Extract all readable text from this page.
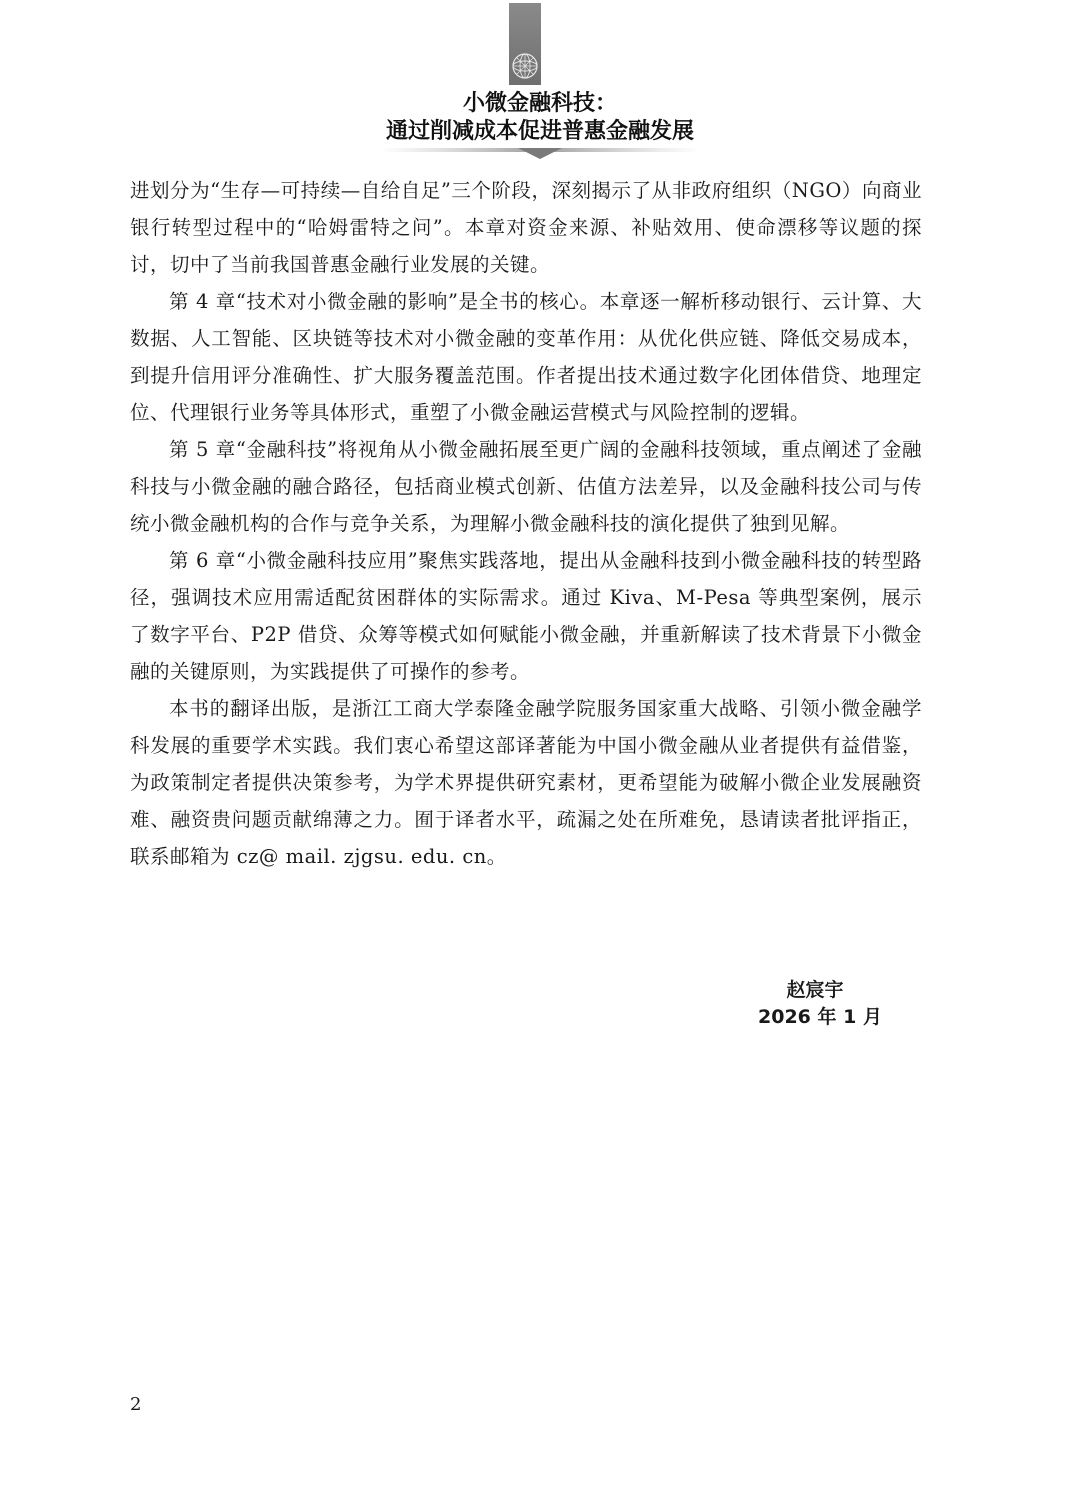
小微金融科技：
通过削减成本促进普惠金融发展

进划分为“生存—可持续—自给自足”三个阶段，深刻揭示了从非政府组织（NGO）向商业银行转型过程中的“哈姆雷特之问”。本章对资金来源、补贴效用、使命漂移等议题的探讨，切中了当前我国普惠金融行业发展的关键。

第 4 章“技术对小微金融的影响”是全书的核心。本章逐一解析移动银行、云计算、大数据、人工智能、区块链等技术对小微金融的变革作用：从优化供应链、降低交易成本，到提升信用评分准确性、扩大服务覆盖范围。作者提出技术通过数字化团体借贷、地理定位、代理银行业务等具体形式，重塑了小微金融运营模式与风险控制的逻辑。

第 5 章“金融科技”将视角从小微金融拓展至更广阔的金融科技领域，重点阐述了金融科技与小微金融的融合路径，包括商业模式创新、估值方法差异，以及金融科技公司与传统小微金融机构的合作与竞争关系，为理解小微金融科技的演化提供了独到见解。

第 6 章“小微金融科技应用”聚焦实践落地，提出从金融科技到小微金融科技的转型路径，强调技术应用需适配贫困群体的实际需求。通过 Kiva、M-Pesa 等典型案例，展示了数字平台、P2P 借贷、众筹等模式如何赋能小微金融，并重新解读了技术背景下小微金融的关键原则，为实践提供了可操作的参考。

本书的翻译出版，是浙江工商大学泰隆金融学院服务国家重大战略、引领小微金融学科发展的重要学术实践。我们衷心希望这部译著能为中国小微金融从业者提供有益借鉴，为政策制定者提供决策参考，为学术界提供研究素材，更希望能为破解小微企业发展融资难、融资贵问题贡献绵薄之力。囿于译者水平，疏漏之处在所难免，恳请读者批评指正，联系邮箱为 cz@ mail. zjgsu. edu. cn。

赵宸宇
2026 年 1 月
2
